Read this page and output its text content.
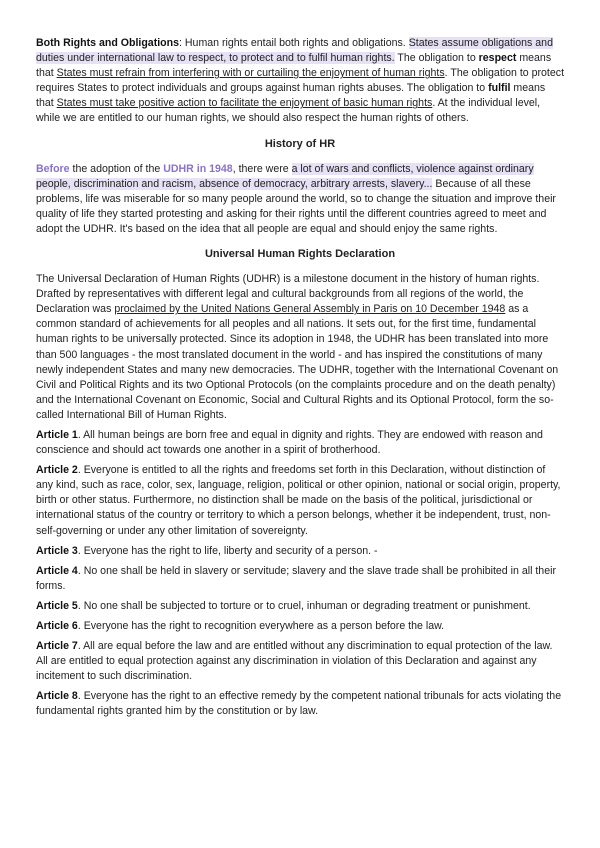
Both Rights and Obligations: Human rights entail both rights and obligations. States assume obligations and duties under international law to respect, to protect and to fulfil human rights. The obligation to respect means that States must refrain from interfering with or curtailing the enjoyment of human rights. The obligation to protect requires States to protect individuals and groups against human rights abuses. The obligation to fulfil means that States must take positive action to facilitate the enjoyment of basic human rights. At the individual level, while we are entitled to our human rights, we should also respect the human rights of others.

History of HR

Before the adoption of the UDHR in 1948, there were a lot of wars and conflicts, violence against ordinary people, discrimination and racism, absence of democracy, arbitrary arrests, slavery... Because of all these problems, life was miserable for so many people around the world, so to change the situation and improve their quality of life they started protesting and asking for their rights until the different countries agreed to meet and adopt the UDHR. It's based on the idea that all people are equal and should enjoy the same rights.

Universal Human Rights Declaration

The Universal Declaration of Human Rights (UDHR) is a milestone document in the history of human rights. Drafted by representatives with different legal and cultural backgrounds from all regions of the world, the Declaration was proclaimed by the United Nations General Assembly in Paris on 10 December 1948 as a common standard of achievements for all peoples and all nations. It sets out, for the first time, fundamental human rights to be universally protected. Since its adoption in 1948, the UDHR has been translated into more than 500 languages - the most translated document in the world - and has inspired the constitutions of many newly independent States and many new democracies. The UDHR, together with the International Covenant on Civil and Political Rights and its two Optional Protocols (on the complaints procedure and on the death penalty) and the International Covenant on Economic, Social and Cultural Rights and its Optional Protocol, form the so-called International Bill of Human Rights.

Article 1. All human beings are born free and equal in dignity and rights. They are endowed with reason and conscience and should act towards one another in a spirit of brotherhood.

Article 2. Everyone is entitled to all the rights and freedoms set forth in this Declaration, without distinction of any kind, such as race, color, sex, language, religion, political or other opinion, national or social origin, property, birth or other status. Furthermore, no distinction shall be made on the basis of the political, jurisdictional or international status of the country or territory to which a person belongs, whether it be independent, trust, non-self-governing or under any other limitation of sovereignty.

Article 3. Everyone has the right to life, liberty and security of a person. -

Article 4. No one shall be held in slavery or servitude; slavery and the slave trade shall be prohibited in all their forms.

Article 5. No one shall be subjected to torture or to cruel, inhuman or degrading treatment or punishment.

Article 6. Everyone has the right to recognition everywhere as a person before the law.

Article 7. All are equal before the law and are entitled without any discrimination to equal protection of the law. All are entitled to equal protection against any discrimination in violation of this Declaration and against any incitement to such discrimination.

Article 8. Everyone has the right to an effective remedy by the competent national tribunals for acts violating the fundamental rights granted him by the constitution or by law.
